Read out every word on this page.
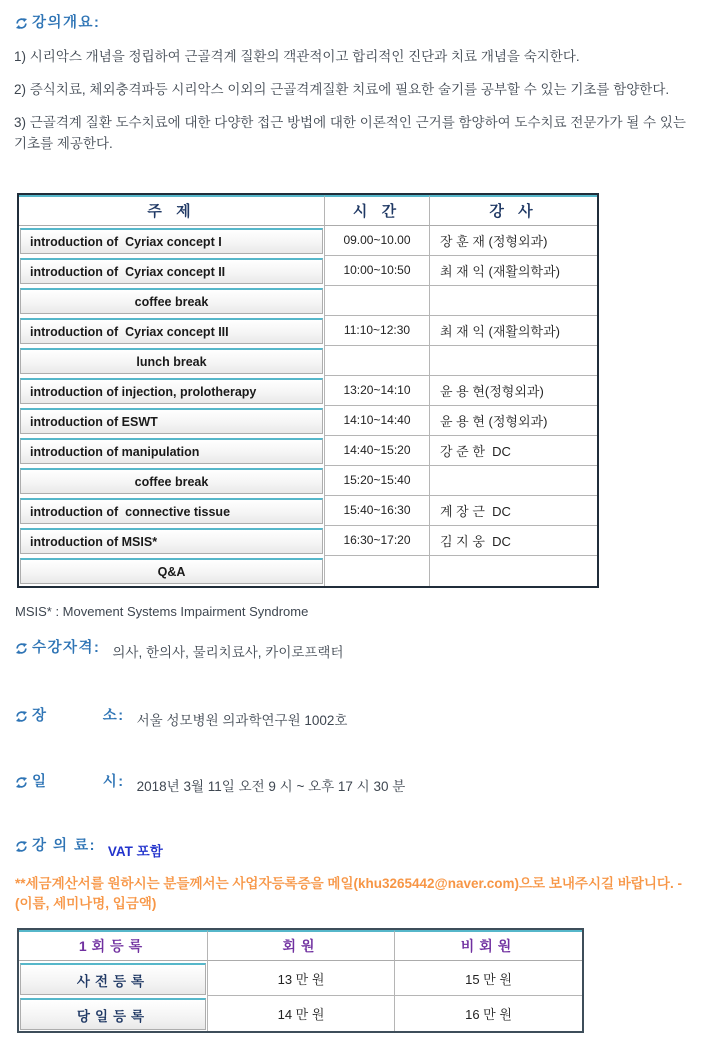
강의개요:

1) 시리악스 개념을 정립하여 근골격계 질환의 객관적이고 합리적인 진단과 치료 개념을 숙지한다.

2) 증식치료, 체외충격파등 시리악스 이외의 근골격계질환 치료에 필요한 술기를 공부할 수 있는 기초를 함양한다.

3) 근골격계 질환 도수치료에 대한 다양한 접근 방법에 대한 이론적인 근거를 함양하여 도수치료 전문가가 될 수 있는 기초를 제공한다.

주 제	시 간	강 사

introduction of  Cyriax concept I	09.00~10.00	장 훈 재 (정형외과)

introduction of  Cyriax concept II	10:00~10:50	최 재 익 (재활의학과)

coffee break		

introduction of  Cyriax concept III	11:10~12:30	최 재 익 (재활의학과)

lunch break		

introduction of injection, prolotherapy	13:20~14:10	윤 용 현(정형외과)

introduction of ESWT	14:10~14:40	윤 용 현 (정형외과)

introduction of manipulation	14:40~15:20	강 준 한  DC

coffee break	15:20~15:40	

introduction of  connective tissue	15:40~16:30	계 장 근  DC

introduction of MSIS*	16:30~17:20	김 지 웅  DC

Q&A		

MSIS* : Movement Systems Impairment Syndrome
수강자격: 의사, 한의사, 물리치료사, 카이로프랙터
장          소: 서울 성모병원 의과학연구원 1002호
일          시: 2018년 3월 11일 오전 9 시 ~ 오후 17 시 30 분
강 의 료: VAT 포함
**세금계산서를 원하시는 분들께서는 사업자등록증을 메일(khu3265442@naver.com)으로 보내주시길 바랍니다. - (이름, 세미나명, 입금액)
1회등록	회원	비회원

사전등록	13 만 원	15 만 원

당일등록	14 만 원	16 만 원
